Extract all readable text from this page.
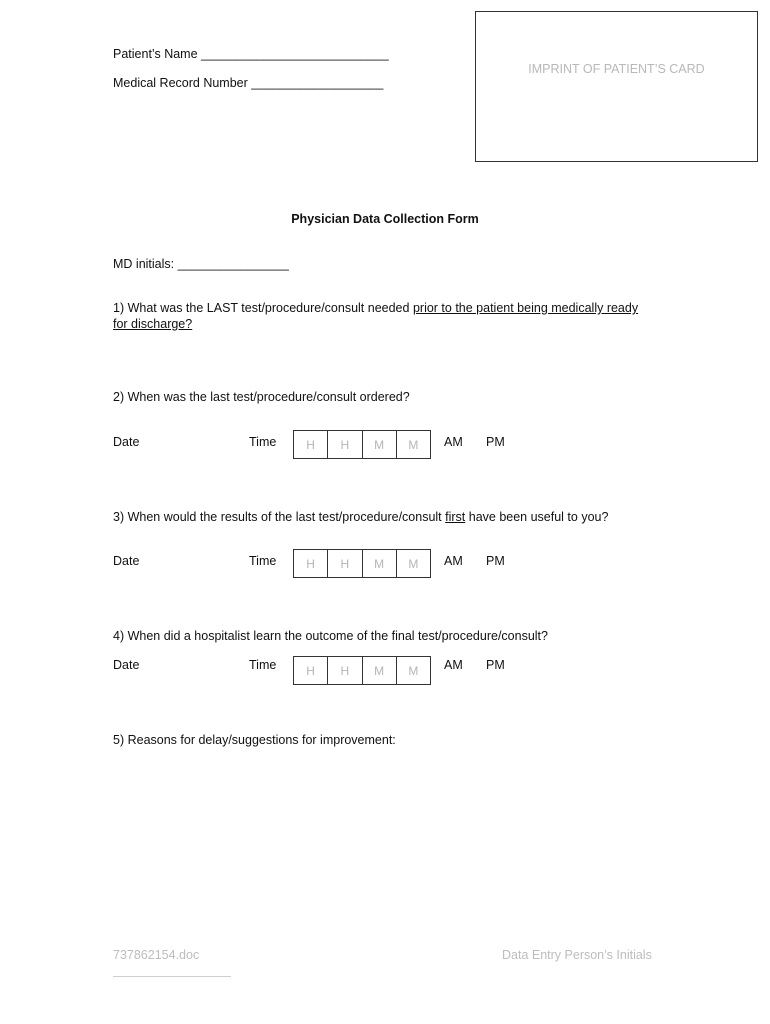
Patient’s Name ___________________________
Medical Record Number ___________________
IMPRINT OF PATIENT’S CARD
Physician Data Collection Form
MD initials: ________________
1) What was the LAST test/procedure/consult needed prior to the patient being medically ready
for discharge?
2) When was the last test/procedure/consult ordered?
Date	Time	H	H	M	M	AM PM
3) When would the results of the last test/procedure/consult first have been useful to you?
Date	Time	H	H	M	M	AM PM
4) When did a hospitalist learn the outcome of the final test/procedure/consult?
Date	Time	H	H	M	M	AM PM
5) Reasons for delay/suggestions for improvement:
737862154.doc	Data Entry Person’s Initials
